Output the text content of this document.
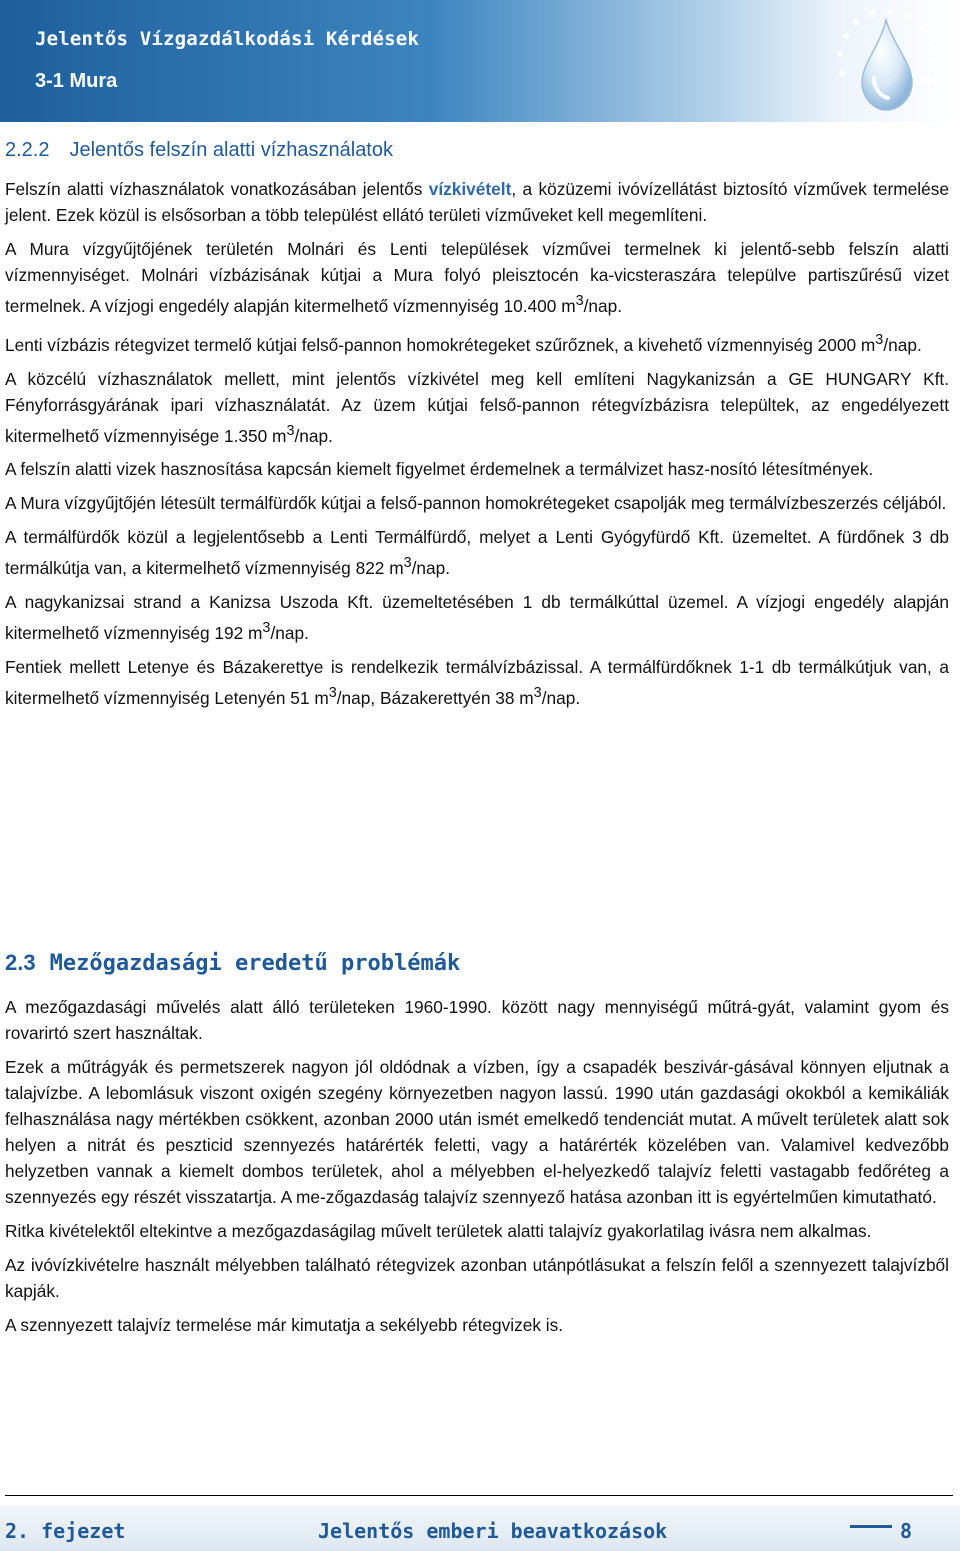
Jelentős Vízgazdálkodási Kérdések
3-1 Mura
2.2.2 Jelentős felszín alatti vízhasználatok

Felszín alatti vízhasználatok vonatkozásában jelentős vízkivételt, a közüzemi ivóvízellátást biztosító vízművek termelése jelent. Ezek közül is elsősorban a több települést ellátó területi vízműveket kell megemlíteni.

A Mura vízgyűjtőjének területén Molnári és Lenti települések vízművei termelnek ki jelentő-sebb felszín alatti vízmennyiséget. Molnári vízbázisának kútjai a Mura folyó pleisztocén ka-vicsteraszára települve partiszűrésű vizet termelnek. A vízjogi engedély alapján kitermelhető vízmennyiség 10.400 $m^3$/nap.

Lenti vízbázis rétegvizet termelő kútjai felső-pannon homokrétegeket szűrőznek, a kivehető vízmennyiség 2000 $m^3$/nap.

A közcélú vízhasználatok mellett, mint jelentős vízkivétel meg kell említeni Nagykanizsán a GE HUNGARY Kft. Fényforrásgyárának ipari vízhasználatát. Az üzem kútjai felső-pannon rétegvízbázisra települtek, az engedélyezett kitermelhető vízmennyisége 1.350 $m^3$/nap.

A felszín alatti vizek hasznosítása kapcsán kiemelt figyelmet érdemelnek a termálvizet hasz-nosító létesítmények.

A Mura vízgyűjtőjén létesült termálfürdők kútjai a felső-pannon homokrétegeket csapolják meg termálvízbeszerzés céljából.

A termálfürdők közül a legjelentősebb a Lenti Termálfürdő, melyet a Lenti Gyógyfürdő Kft. üzemeltet. A fürdőnek 3 db termálkútja van, a kitermelhető vízmennyiség 822 $m^3$/nap.

A nagykanizsai strand a Kanizsa Uszoda Kft. üzemeltetésében 1 db termálkúttal üzemel. A vízjogi engedély alapján kitermelhető vízmennyiség 192 $m^3$/nap.

Fentiek mellett Letenye és Bázakerettye is rendelkezik termálvízbázissal. A termálfürdőknek 1-1 db termálkútjuk van, a kitermelhető vízmennyiség Letenyén 51 $m^3$/nap, Bázakerettyén 38 $m^3$/nap.

2.3 Mezőgazdasági eredetű problémák

A mezőgazdasági művelés alatt álló területeken 1960-1990. között nagy mennyiségű műtrá-gyát, valamint gyom és rovarirtó szert használtak.

Ezek a műtrágyák és permetszerek nagyon jól oldódnak a vízben, így a csapadék beszivár-gásával könnyen eljutnak a talajvízbe. A lebomlásuk viszont oxigén szegény környezetben nagyon lassú. 1990 után gazdasági okokból a kemikáliák felhasználása nagy mértékben csökkent, azonban 2000 után ismét emelkedő tendenciát mutat. A művelt területek alatt sok helyen a nitrát és peszticid szennyezés határérték feletti, vagy a határérték közelében van. Valamivel kedvezőbb helyzetben vannak a kiemelt dombos területek, ahol a mélyebben el-helyezkedő talajvíz feletti vastagabb fedőréteg a szennyezés egy részét visszatartja. A me-zőgazdaság talajvíz szennyező hatása azonban itt is egyértelműen kimutatható.

Ritka kivételektől eltekintve a mezőgazdaságilag művelt területek alatti talajvíz gyakorlatilag ivásra nem alkalmas.

Az ivóvízkivételre használt mélyebben található rétegvizek azonban utánpótlásukat a felszín felől a szennyezett talajvízből kapják.

A szennyezett talajvíz termelése már kimutatja a sekélyebb rétegvizek is.

2. fejezet	Jelentős emberi beavatkozások	8
